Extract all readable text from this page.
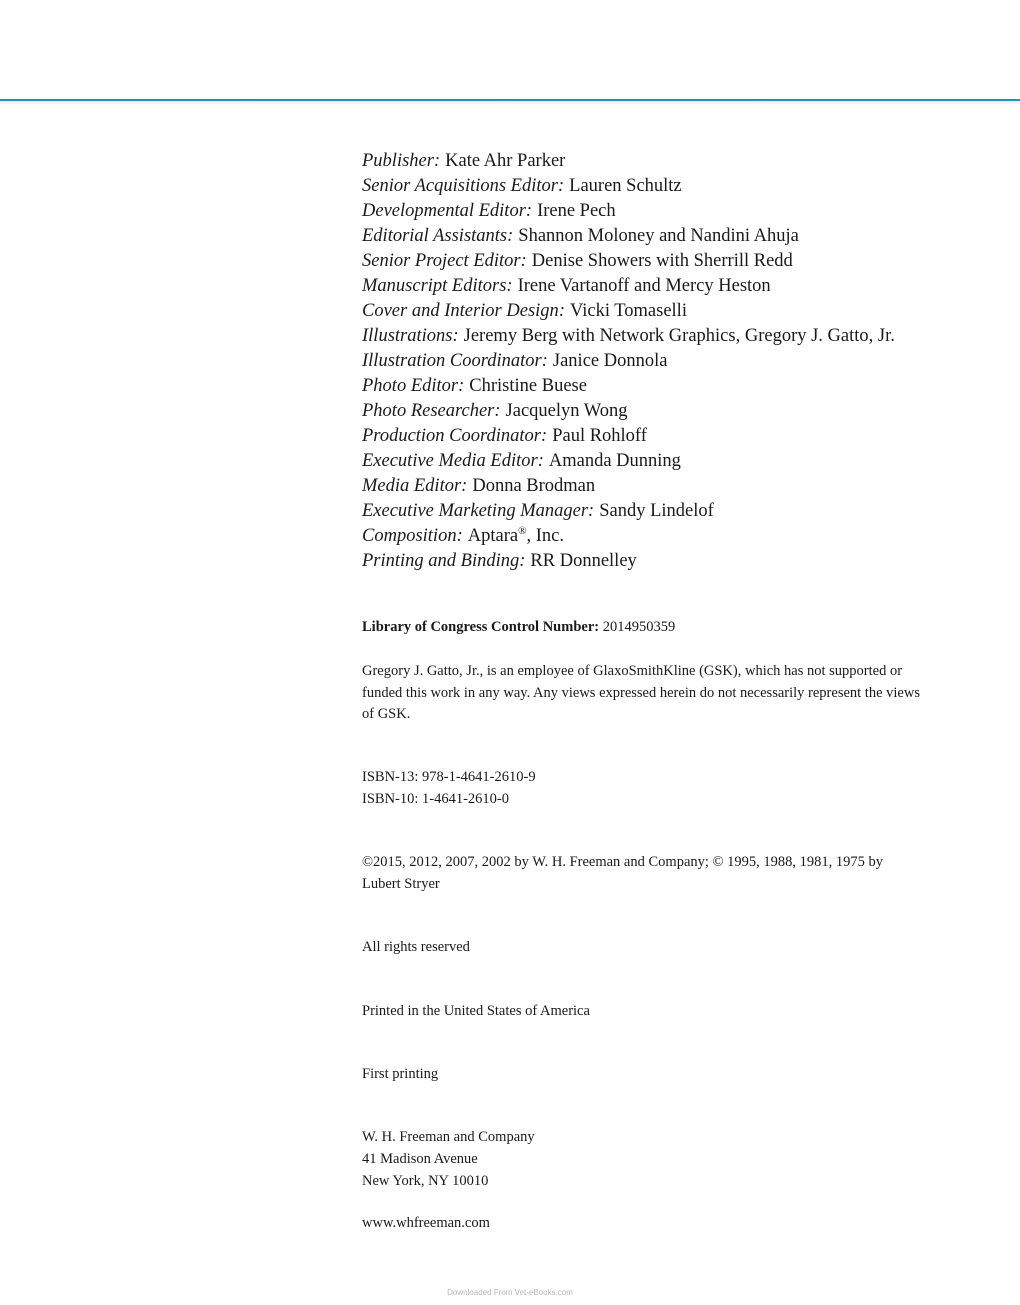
Publisher : Kate Ahr Parker
Senior Acquisitions Editor : Lauren Schultz
Developmental Editor : Irene Pech
Editorial Assistants : Shannon Moloney and Nandini Ahuja
Senior Project Editor : Denise Showers with Sherrill Redd
Manuscript Editors : Irene Vartanoff and Mercy Heston
Cover and Interior Design : Vicki Tomaselli
Illustrations : Jeremy Berg with Network Graphics, Gregory J. Gatto, Jr.
Illustration Coordinator : Janice Donnola
Photo Editor : Christine Buese
Photo Researcher : Jacquelyn Wong
Production Coordinator : Paul Rohloff
Executive Media Editor : Amanda Dunning
Media Editor : Donna Brodman
Executive Marketing Manager : Sandy Lindelof
Composition : Aptara®, Inc.
Printing and Binding : RR Donnelley
Library of Congress Control Number: 2014950359
Gregory J. Gatto, Jr., is an employee of GlaxoSmithKline (GSK), which has not supported or funded this work in any way. Any views expressed herein do not necessarily represent the views of GSK.
ISBN-13: 978-1-4641-2610-9
ISBN-10: 1-4641-2610-0
©2015, 2012, 2007, 2002 by W. H. Freeman and Company; © 1995, 1988, 1981, 1975 by Lubert Stryer
All rights reserved
Printed in the United States of America
First printing
W. H. Freeman and Company
41 Madison Avenue
New York, NY 10010
www.whfreeman.com
Downloaded From Vet-eBooks.com
